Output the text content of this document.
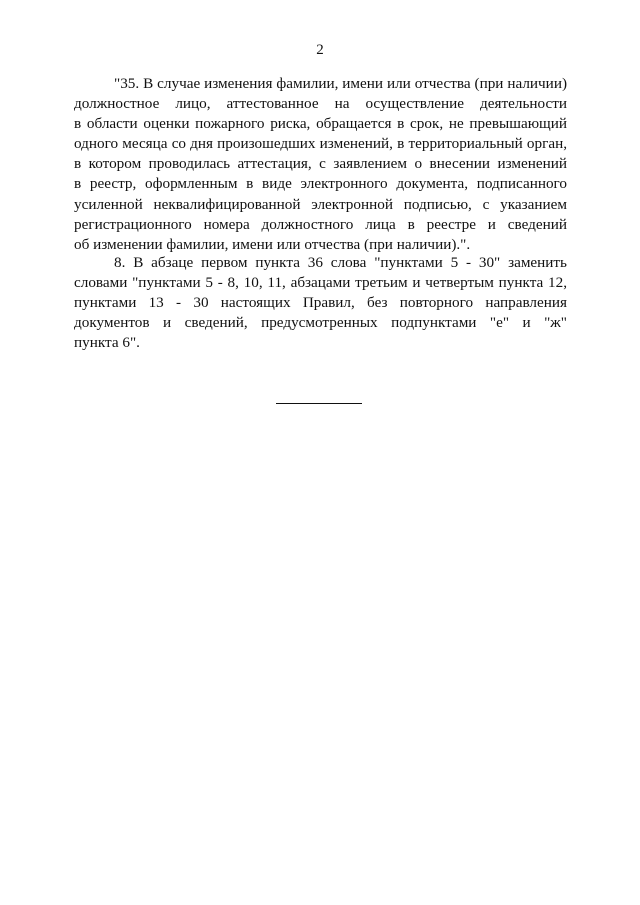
2
"35. В случае изменения фамилии, имени или отчества (при наличии)
должностное лицо, аттестованное на осуществление деятельности
в области оценки пожарного риска, обращается в срок, не превышающий
одного месяца со дня произошедших изменений, в территориальный орган,
в котором проводилась аттестация, с заявлением о внесении изменений
в реестр, оформленным в виде электронного документа, подписанного
усиленной неквалифицированной электронной подписью, с указанием
регистрационного номера должностного лица в реестре и сведений
об изменении фамилии, имени или отчества (при наличии).".
8. В абзаце первом пункта 36 слова "пунктами 5 - 30" заменить
словами "пунктами 5 - 8, 10, 11, абзацами третьим и четвертым пункта 12,
пунктами 13 - 30 настоящих Правил, без повторного направления
документов и сведений, предусмотренных подпунктами "е" и "ж"
пункта 6".
